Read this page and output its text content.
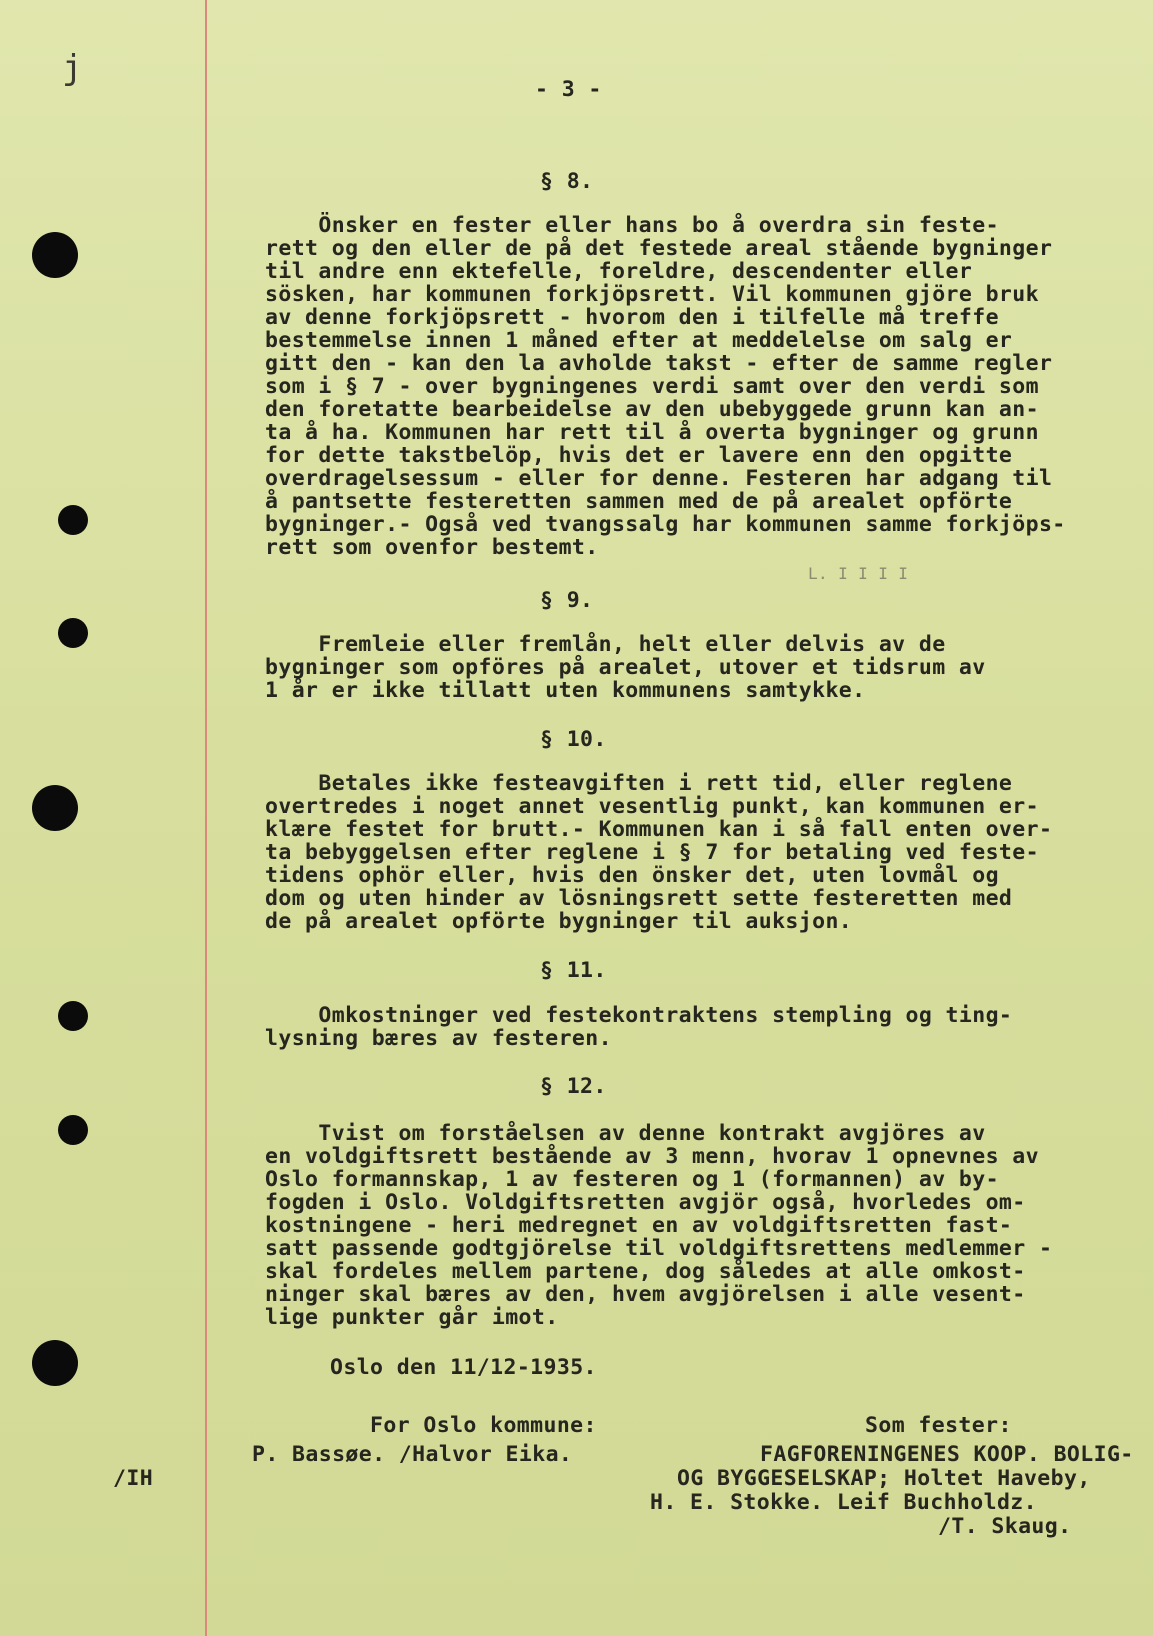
j
- 3 -
§ 8.
Önsker en fester eller hans bo å overdra sin feste-
rett og den eller de på det festede areal stående bygninger
til andre enn ektefelle, foreldre, descendenter eller
sösken, har kommunen forkjöpsrett. Vil kommunen gjöre bruk
av denne forkjöpsrett - hvorom den i tilfelle må treffe
bestemmelse innen 1 måned efter at meddelelse om salg er
gitt den - kan den la avholde takst - efter de samme regler
som i § 7 - over bygningenes verdi samt over den verdi som
den foretatte bearbeidelse av den ubebyggede grunn kan an-
ta å ha. Kommunen har rett til å overta bygninger og grunn
for dette takstbelöp, hvis det er lavere enn den opgitte
overdragelsessum - eller for denne. Festeren har adgang til
å pantsette festeretten sammen med de på arealet opförte
bygninger.- Også ved tvangssalg har kommunen samme forkjöps-
rett som ovenfor bestemt.
L. I I I I
§ 9.
Fremleie eller fremlån, helt eller delvis av de
bygninger som opföres på arealet, utover et tidsrum av
1 år er ikke tillatt uten kommunens samtykke.
§ 10.
Betales ikke festeavgiften i rett tid, eller reglene
overtredes i noget annet vesentlig punkt, kan kommunen er-
klære festet for brutt.- Kommunen kan i så fall enten over-
ta bebyggelsen efter reglene i § 7 for betaling ved feste-
tidens ophör eller, hvis den önsker det, uten lovmål og
dom og uten hinder av lösningsrett sette festeretten med
de på arealet opförte bygninger til auksjon.
§ 11.
Omkostninger ved festekontraktens stempling og ting-
lysning bæres av festeren.
§ 12.
Tvist om forståelsen av denne kontrakt avgjöres av
en voldgiftsrett bestående av 3 menn, hvorav 1 opnevnes av
Oslo formannskap, 1 av festeren og 1 (formannen) av by-
fogden i Oslo. Voldgiftsretten avgjör også, hvorledes om-
kostningene - heri medregnet en av voldgiftsretten fast-
satt passende godtgjörelse til voldgiftsrettens medlemmer -
skal fordeles mellem partene, dog således at alle omkost-
ninger skal bæres av den, hvem avgjörelsen i alle vesent-
lige punkter går imot.
Oslo den 11/12-1935.
For Oslo kommune:
P. Bassøe. /Halvor Eika.
Som fester:
FAGFORENINGENES KOOP. BOLIG-
OG BYGGESELSKAP; Holtet Haveby,
H. E. Stokke. Leif Buchholdz.
/T. Skaug.
/IH
